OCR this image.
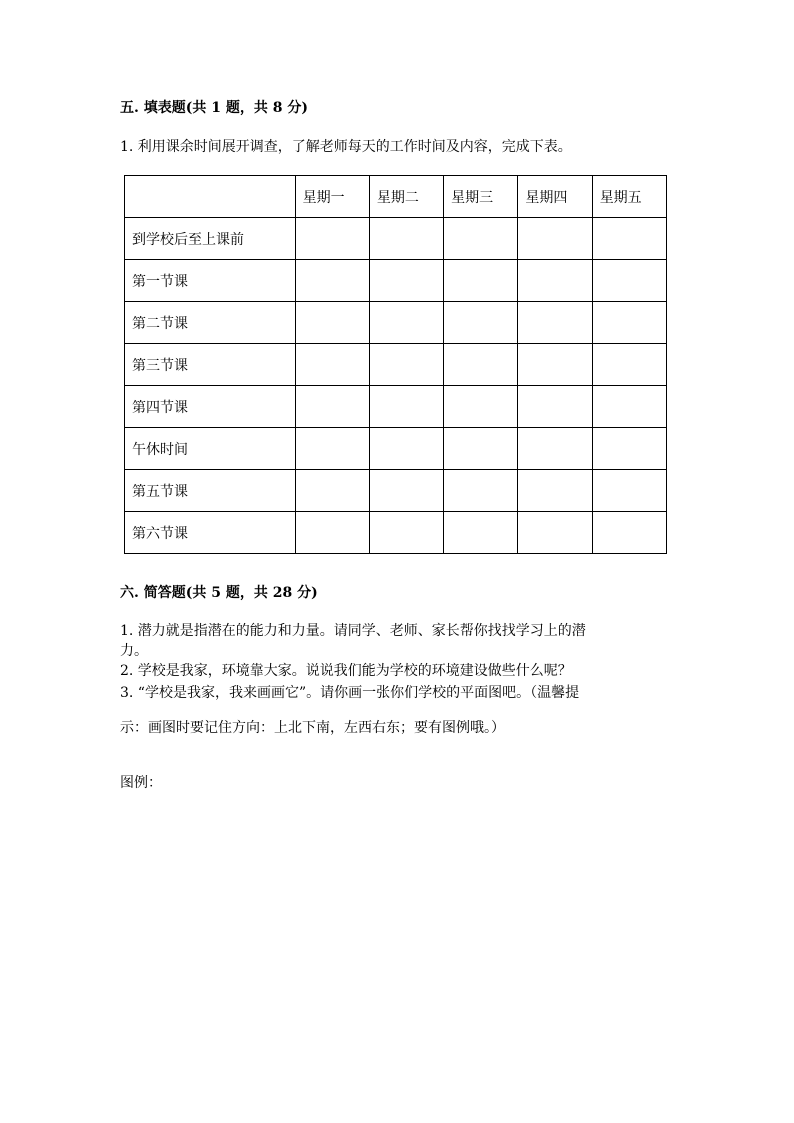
五. 填表题(共 1 题，共 8 分)
1. 利用课余时间展开调查，了解老师每天的工作时间及内容，完成下表。
	星期一	星期二	星期三	星期四	星期五
到学校后至上课前					
第一节课					
第二节课					
第三节课					
第四节课					
午休时间					
第五节课					
第六节课					
六. 简答题(共 5 题，共 28 分)
1. 潜力就是指潜在的能力和力量。请同学、老师、家长帮你找找学习上的潜
力。
2. 学校是我家，环境靠大家。说说我们能为学校的环境建设做些什么呢？
3. “学校是我家，我来画画它”。请你画一张你们学校的平面图吧。（温馨提
示：画图时要记住方向：上北下南，左西右东；要有图例哦。）
图例：
